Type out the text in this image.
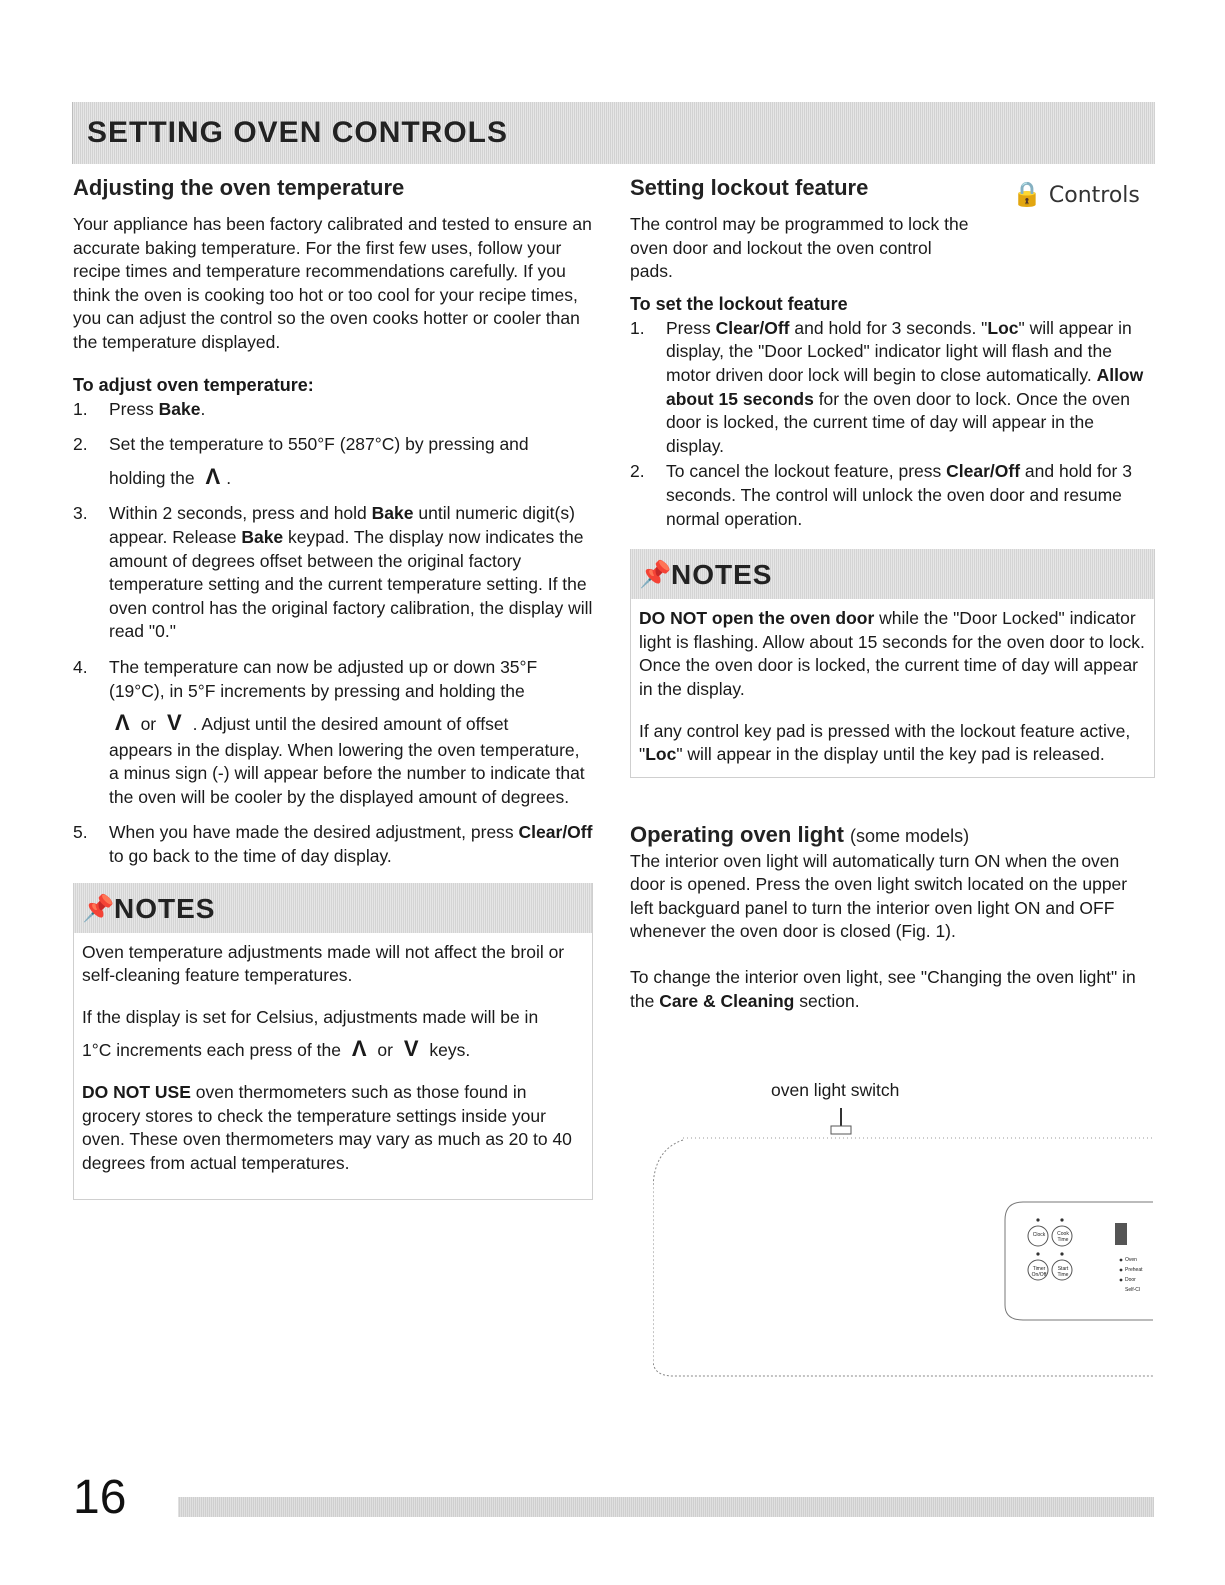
SETTING OVEN CONTROLS
Adjusting the oven temperature

Your appliance has been factory calibrated and tested to ensure an accurate baking temperature. For the first few uses, follow your recipe times and temperature recommendations carefully. If you think the oven is cooking too hot or too cool for your recipe times, you can adjust the control so the oven cooks hotter or cooler than the temperature displayed.

To adjust oven temperature:
1. Press Bake.
2. Set the temperature to 550°F (287°C) by pressing and
holding the Λ .
3. Within 2 seconds, press and hold Bake until numeric digit(s) appear. Release Bake keypad. The display now indicates the amount of degrees offset between the original factory temperature setting and the current temperature setting. If the oven control has the original factory calibration, the display will read "0."
4. The temperature can now be adjusted up or down 35°F (19°C), in 5°F increments by pressing and holding the
Λ or V . Adjust until the desired amount of offset
appears in the display. When lowering the oven temperature, a minus sign (-) will appear before the number to indicate that the oven will be cooler by the displayed amount of degrees.
5. When you have made the desired adjustment, press Clear/Off to go back to the time of day display.
📌 NOTES

Oven temperature adjustments made will not affect the broil or self-cleaning feature temperatures.

If the display is set for Celsius, adjustments made will be in
1°C increments each press of the Λ or V keys.

DO NOT USE oven thermometers such as those found in grocery stores to check the temperature settings inside your oven. These oven thermometers may vary as much as 20 to 40 degrees from actual temperatures.

Setting lockout feature	🔒 Controls

The control may be programmed to lock the oven door and lockout the oven control pads.

To set the lockout feature
1. Press Clear/Off and hold for 3 seconds. "Loc" will appear in display, the "Door Locked" indicator light will flash and the motor driven door lock will begin to close automatically. Allow about 15 seconds for the oven door to lock. Once the oven door is locked, the current time of day will appear in the display.
2. To cancel the lockout feature, press Clear/Off and hold for 3 seconds. The control will unlock the oven door and resume normal operation.
📌 NOTES

DO NOT open the oven door while the "Door Locked" indicator light is flashing. Allow about 15 seconds for the oven door to lock. Once the oven door is locked, the current time of day will appear in the display.

If any control key pad is pressed with the lockout feature active, "Loc" will appear in the display until the key pad is released.

Operating oven light (some models)

The interior oven light will automatically turn ON when the oven door is opened. Press the oven light switch located on the upper left backguard panel to turn the interior oven light ON and OFF whenever the oven door is closed (Fig. 1).

To change the interior oven light, see "Changing the oven light" in the Care & Cleaning section.

oven light switch
Clock	Cook Time
Timer On/Off
Start Time
Oven
Preheat
Door
Self-Cl
16
